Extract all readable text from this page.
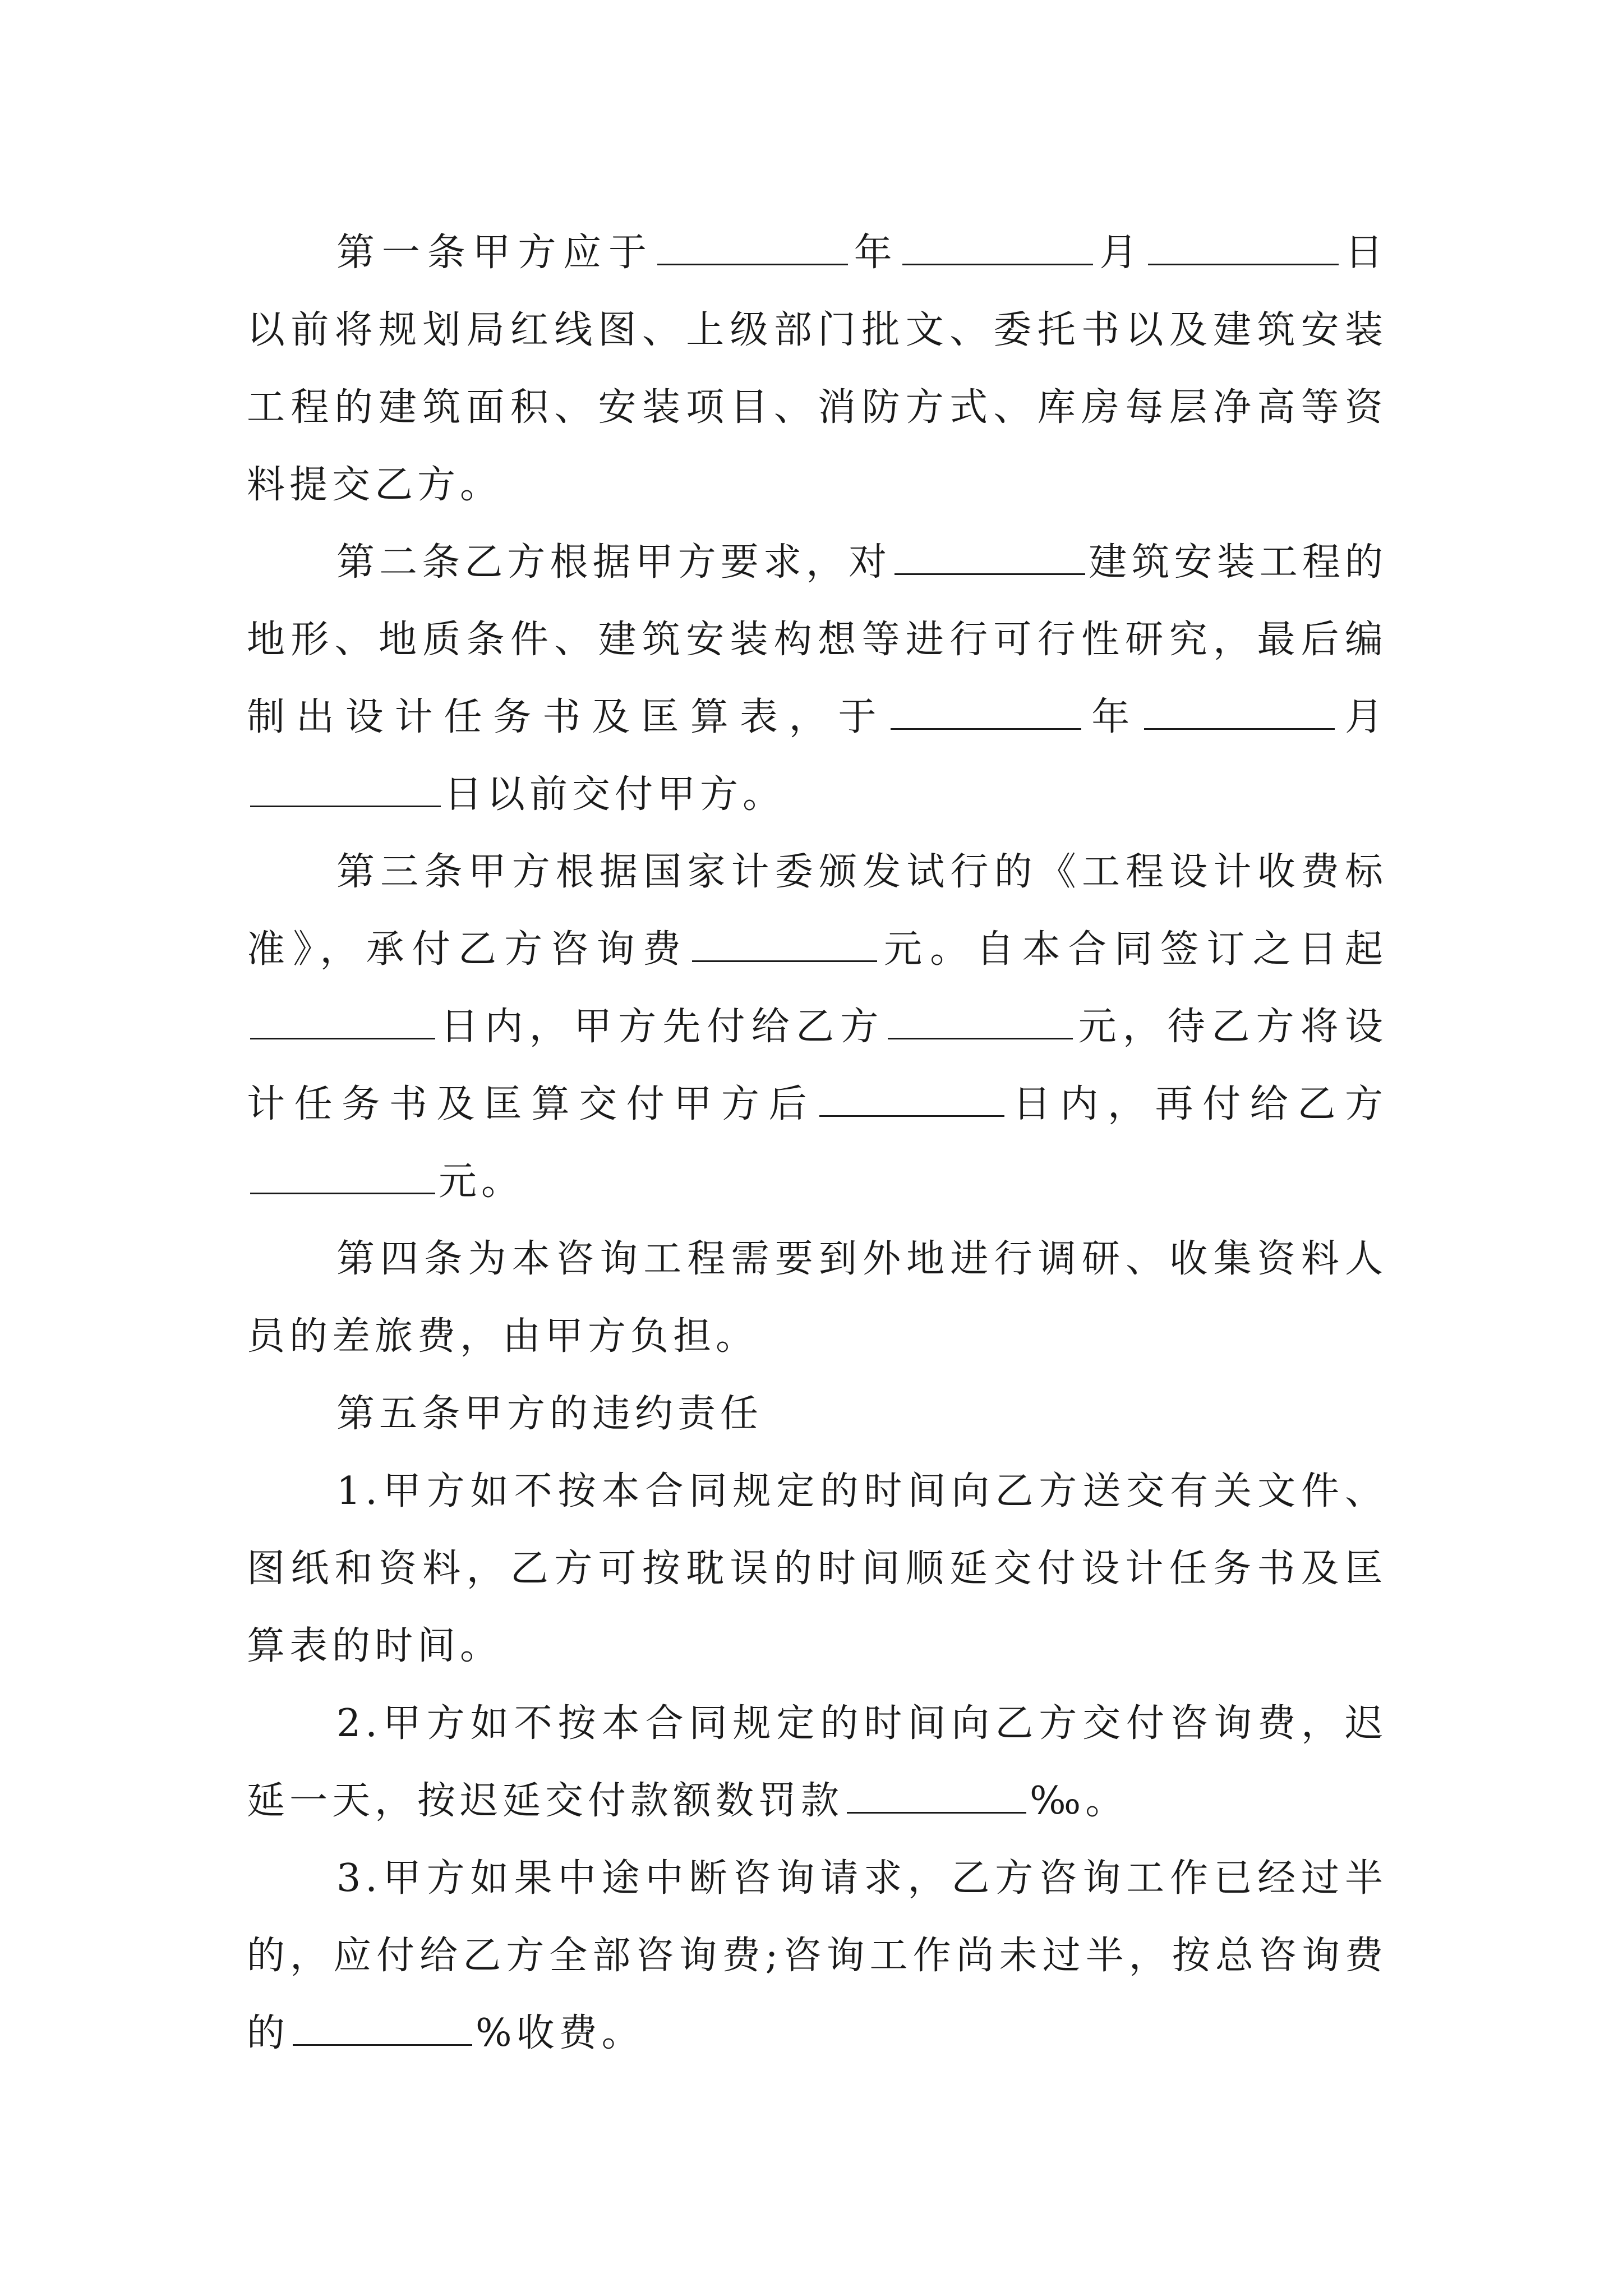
第一条甲方应于	年	月	日以前将规划局红线图、上级部门批文、委托书以及建筑安装工程的建筑面积、安装项目、消防方式、库房每层净高等资料提交乙方。

第二条乙方根据甲方要求，对	建筑安装工程的地形、地质条件、建筑安装构想等进行可行性研究，最后编制出设计任务书及匡算表，于	年	月日以前交付甲方。

第三条甲方根据国家计委颁发试行的《工程设计收费标准》，承付乙方咨询费	元。自本合同签订之日起日内，甲方先付给乙方	元，待乙方将设计任务书及匡算交付甲方后	日内，再付给乙方元。

第四条为本咨询工程需要到外地进行调研、收集资料人员的差旅费，由甲方负担。

第五条甲方的违约责任

1.甲方如不按本合同规定的时间向乙方送交有关文件、图纸和资料，乙方可按耽误的时间顺延交付设计任务书及匡算表的时间。

2.甲方如不按本合同规定的时间向乙方交付咨询费，迟延一天，按迟延交付款额数罚款	‰。

3.甲方如果中途中断咨询请求，乙方咨询工作已经过半的，应付给乙方全部咨询费;咨询工作尚未过半，按总咨询费的	%收费。
